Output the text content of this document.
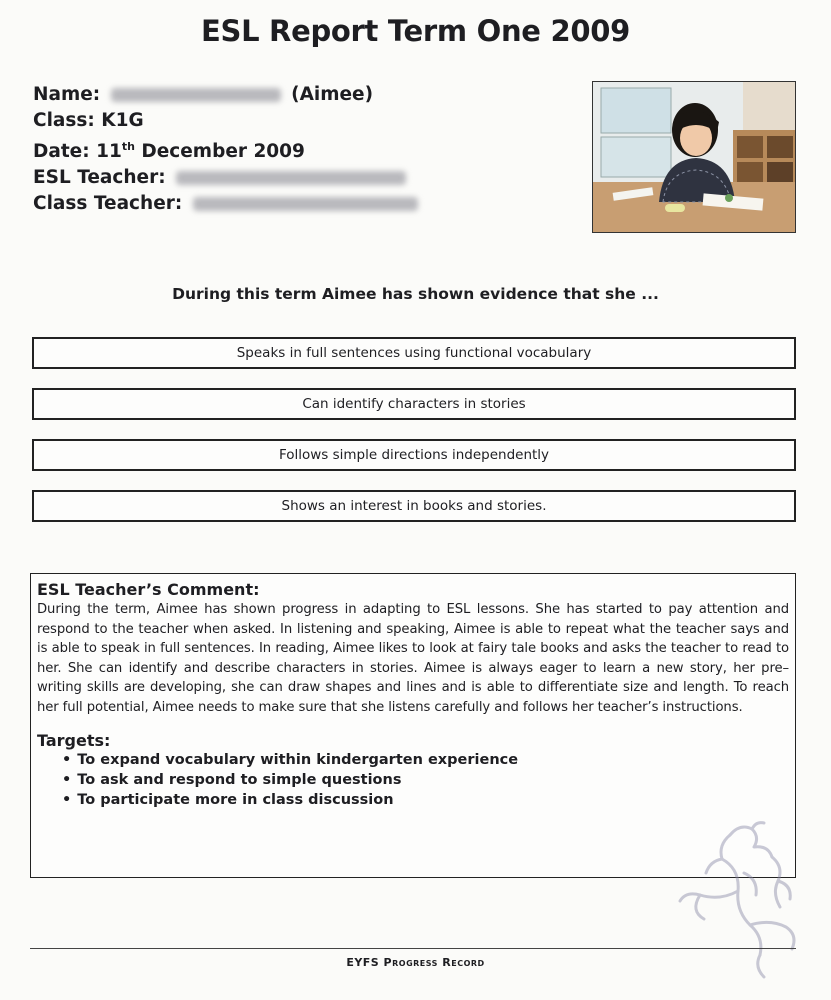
ESL Report Term One 2009
Name:	(Aimee)
Class: K1G
Date: 11th December 2009
ESL Teacher:
Class Teacher:
During this term Aimee has shown evidence that she ...
Speaks in full sentences using functional vocabulary
Can identify characters in stories
Follows simple directions independently
Shows an interest in books and stories.
ESL Teacher’s Comment:
During the term, Aimee has shown progress in adapting to ESL lessons. She has started to pay attention and respond to the teacher when asked. In listening and speaking, Aimee is able to repeat what the teacher says and is able to speak in full sentences. In reading, Aimee likes to look at fairy tale books and asks the teacher to read to her. She can identify and describe characters in stories. Aimee is always eager to learn a new story, her pre– writing skills are developing, she can draw shapes and lines and is able to differentiate size and length. To reach her full potential, Aimee needs to make sure that she listens carefully and follows her teacher’s instructions.
Targets:
• To expand vocabulary within kindergarten experience
• To ask and respond to simple questions
• To participate more in class discussion
EYFS Progress Record
